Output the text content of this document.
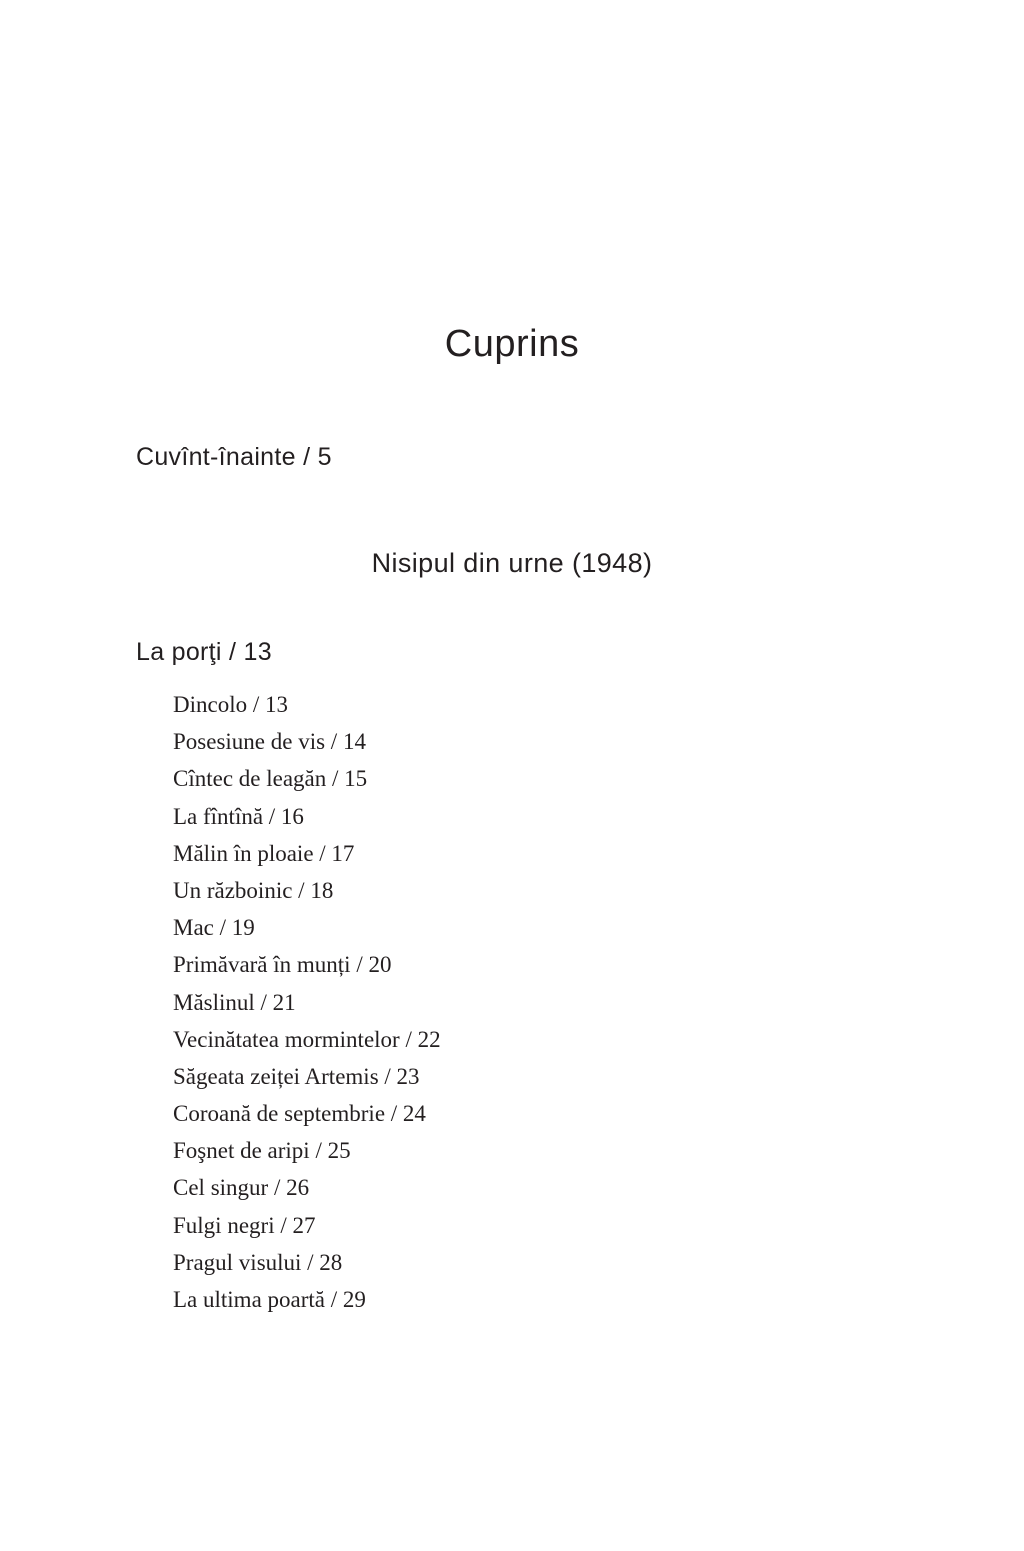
Cuprins
Cuvînt-înainte / 5
Nisipul din urne (1948)
La porţi / 13
Dincolo / 13
Posesiune de vis / 14
Cîntec de leagăn / 15
La fîntînă / 16
Mălin în ploaie / 17
Un războinic / 18
Mac / 19
Primăvară în munți / 20
Măslinul / 21
Vecinătatea mormintelor / 22
Săgeata zeiței Artemis / 23
Coroană de septembrie / 24
Foşnet de aripi / 25
Cel singur / 26
Fulgi negri / 27
Pragul visului / 28
La ultima poartă / 29
